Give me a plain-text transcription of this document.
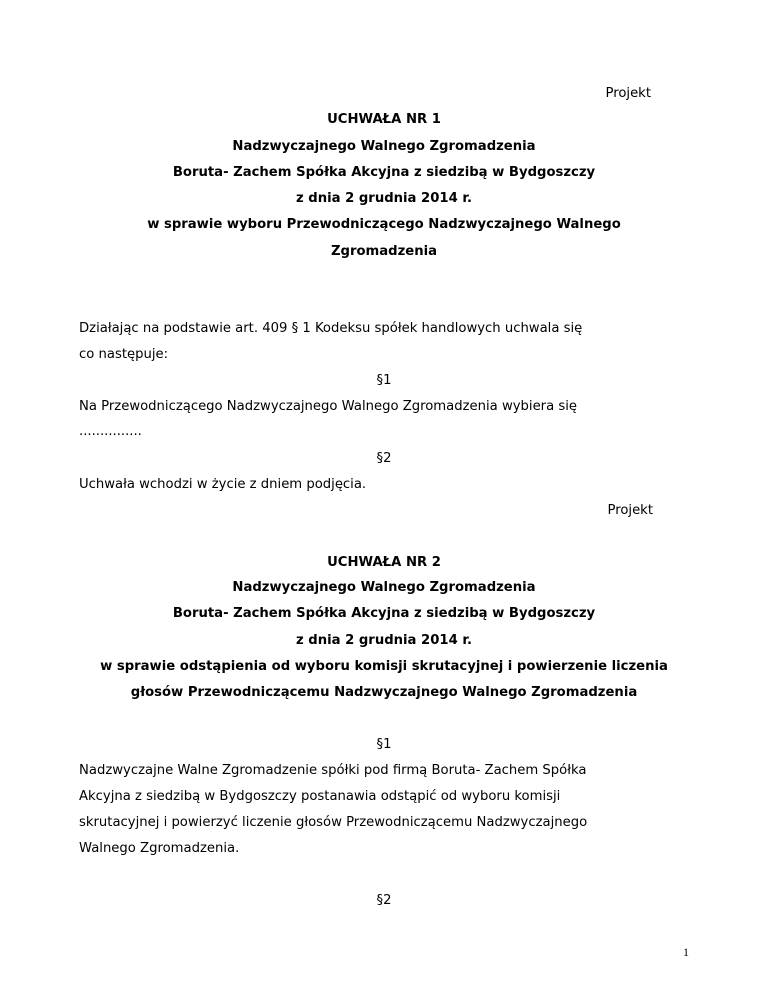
Projekt
UCHWAŁA NR 1
Nadzwyczajnego Walnego Zgromadzenia
Boruta- Zachem Spółka Akcyjna z siedzibą w Bydgoszczy
z dnia 2 grudnia 2014 r.
w sprawie wyboru Przewodniczącego Nadzwyczajnego Walnego
Zgromadzenia
Działając na podstawie art. 409 § 1 Kodeksu spółek handlowych uchwala się
co następuje:
§1
Na Przewodniczącego Nadzwyczajnego Walnego Zgromadzenia wybiera się
...............
§2
Uchwała wchodzi w życie z dniem podjęcia.
Projekt
UCHWAŁA NR 2
Nadzwyczajnego Walnego Zgromadzenia
Boruta- Zachem Spółka Akcyjna z siedzibą w Bydgoszczy
z dnia 2 grudnia 2014 r.
w sprawie odstąpienia od wyboru komisji skrutacyjnej i powierzenie liczenia
głosów Przewodniczącemu Nadzwyczajnego Walnego Zgromadzenia
§1
Nadzwyczajne Walne Zgromadzenie spółki pod firmą Boruta- Zachem Spółka
Akcyjna z siedzibą w Bydgoszczy postanawia odstąpić od wyboru komisji
skrutacyjnej i powierzyć liczenie głosów Przewodniczącemu Nadzwyczajnego
Walnego Zgromadzenia.
§2
1
